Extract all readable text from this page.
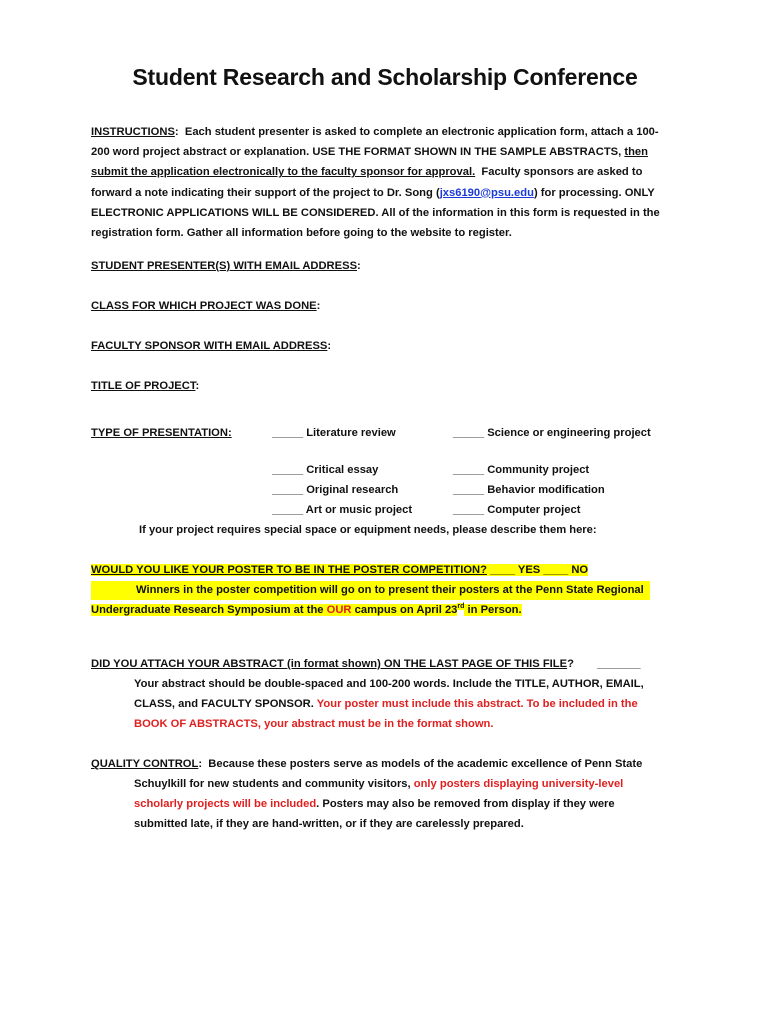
Student Research and Scholarship Conference

INSTRUCTIONS: Each student presenter is asked to complete an electronic application form, attach a 100-

200 word project abstract or explanation. USE THE FORMAT SHOWN IN THE SAMPLE ABSTRACTS, then

submit the application electronically to the faculty sponsor for approval. Faculty sponsors are asked to

forward a note indicating their support of the project to Dr. Song (jxs6190@psu.edu) for processing. ONLY

ELECTRONIC APPLICATIONS WILL BE CONSIDERED. All of the information in this form is requested in the

registration form. Gather all information before going to the website to register.

STUDENT PRESENTER(S) WITH EMAIL ADDRESS:
CLASS FOR WHICH PROJECT WAS DONE:
FACULTY SPONSOR WITH EMAIL ADDRESS:
TITLE OF PROJECT:
TYPE OF PRESENTATION:	_____ Literature review
_____ Critical essay
_____ Original research
_____ Art or music project
_____ Science or engineering project
_____ Community project
_____ Behavior modification
_____ Computer project
If your project requires special space or equipment needs, please describe them here:
WOULD YOU LIKE YOUR POSTER TO BE IN THE POSTER COMPETITION? ____ YES ____ NO
Winners in the poster competition will go on to present their posters at the Penn State Regional
Undergraduate Research Symposium at the OUR campus on April 23rd in Person.
DID YOU ATTACH YOUR ABSTRACT (in format shown) ON THE LAST PAGE OF THIS FILE? _______

Your abstract should be double-spaced and 100-200 words. Include the TITLE, AUTHOR, EMAIL,

CLASS, and FACULTY SPONSOR. Your poster must include this abstract. To be included in the

BOOK OF ABSTRACTS, your abstract must be in the format shown.

QUALITY CONTROL: Because these posters serve as models of the academic excellence of Penn State

Schuylkill for new students and community visitors, only posters displaying university-level

scholarly projects will be included. Posters may also be removed from display if they were

submitted late, if they are hand-written, or if they are carelessly prepared.
